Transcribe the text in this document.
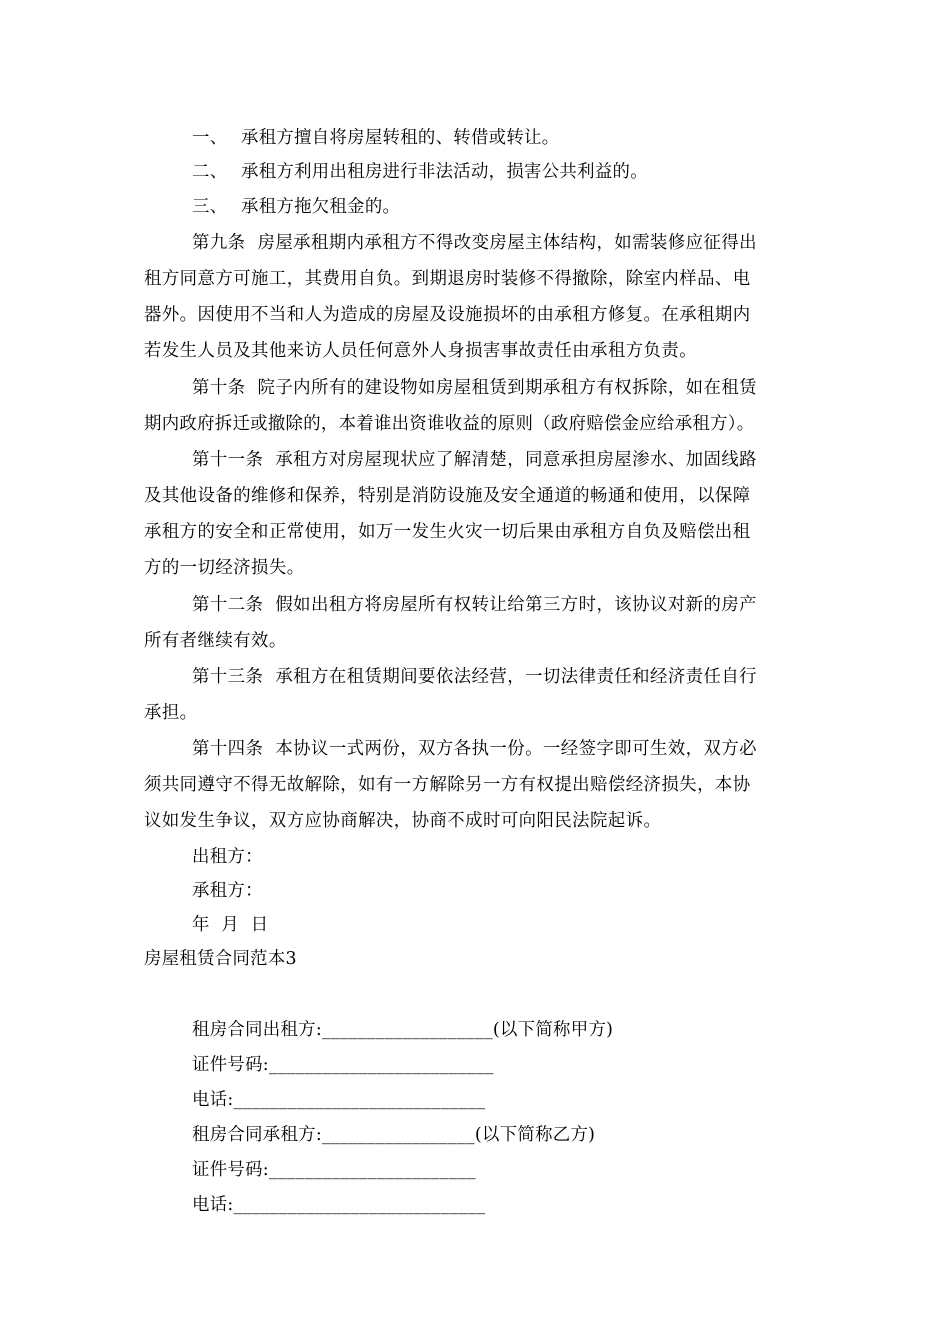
一、 承租方擅自将房屋转租的、转借或转让。
二、 承租方利用出租房进行非法活动，损害公共利益的。
三、 承租方拖欠租金的。
第九条  房屋承租期内承租方不得改变房屋主体结构，如需装修应征得出
租方同意方可施工，其费用自负。到期退房时装修不得撤除，除室内样品、电
器外。因使用不当和人为造成的房屋及设施损坏的由承租方修复。在承租期内
若发生人员及其他来访人员任何意外人身损害事故责任由承租方负责。
第十条  院子内所有的建设物如房屋租赁到期承租方有权拆除，如在租赁
期内政府拆迁或撤除的，本着谁出资谁收益的原则（政府赔偿金应给承租方）。
第十一条  承租方对房屋现状应了解清楚，同意承担房屋渗水、加固线路
及其他设备的维修和保养，特别是消防设施及安全通道的畅通和使用，以保障
承租方的安全和正常使用，如万一发生火灾一切后果由承租方自负及赔偿出租
方的一切经济损失。
第十二条  假如出租方将房屋所有权转让给第三方时，该协议对新的房产
所有者继续有效。
第十三条  承租方在租赁期间要依法经营，一切法律责任和经济责任自行
承担。
第十四条  本协议一式两份，双方各执一份。一经签字即可生效，双方必
须共同遵守不得无故解除，如有一方解除另一方有权提出赔偿经济损失，本协
议如发生争议，双方应协商解决，协商不成时可向阳民法院起诉。
出租方：
承租方：
年  月  日
房屋租赁合同范本3
租房合同出租方:___________________(以下简称甲方)
证件号码:_________________________
电话:____________________________
租房合同承租方:_________________(以下简称乙方)
证件号码:_______________________
电话:____________________________
